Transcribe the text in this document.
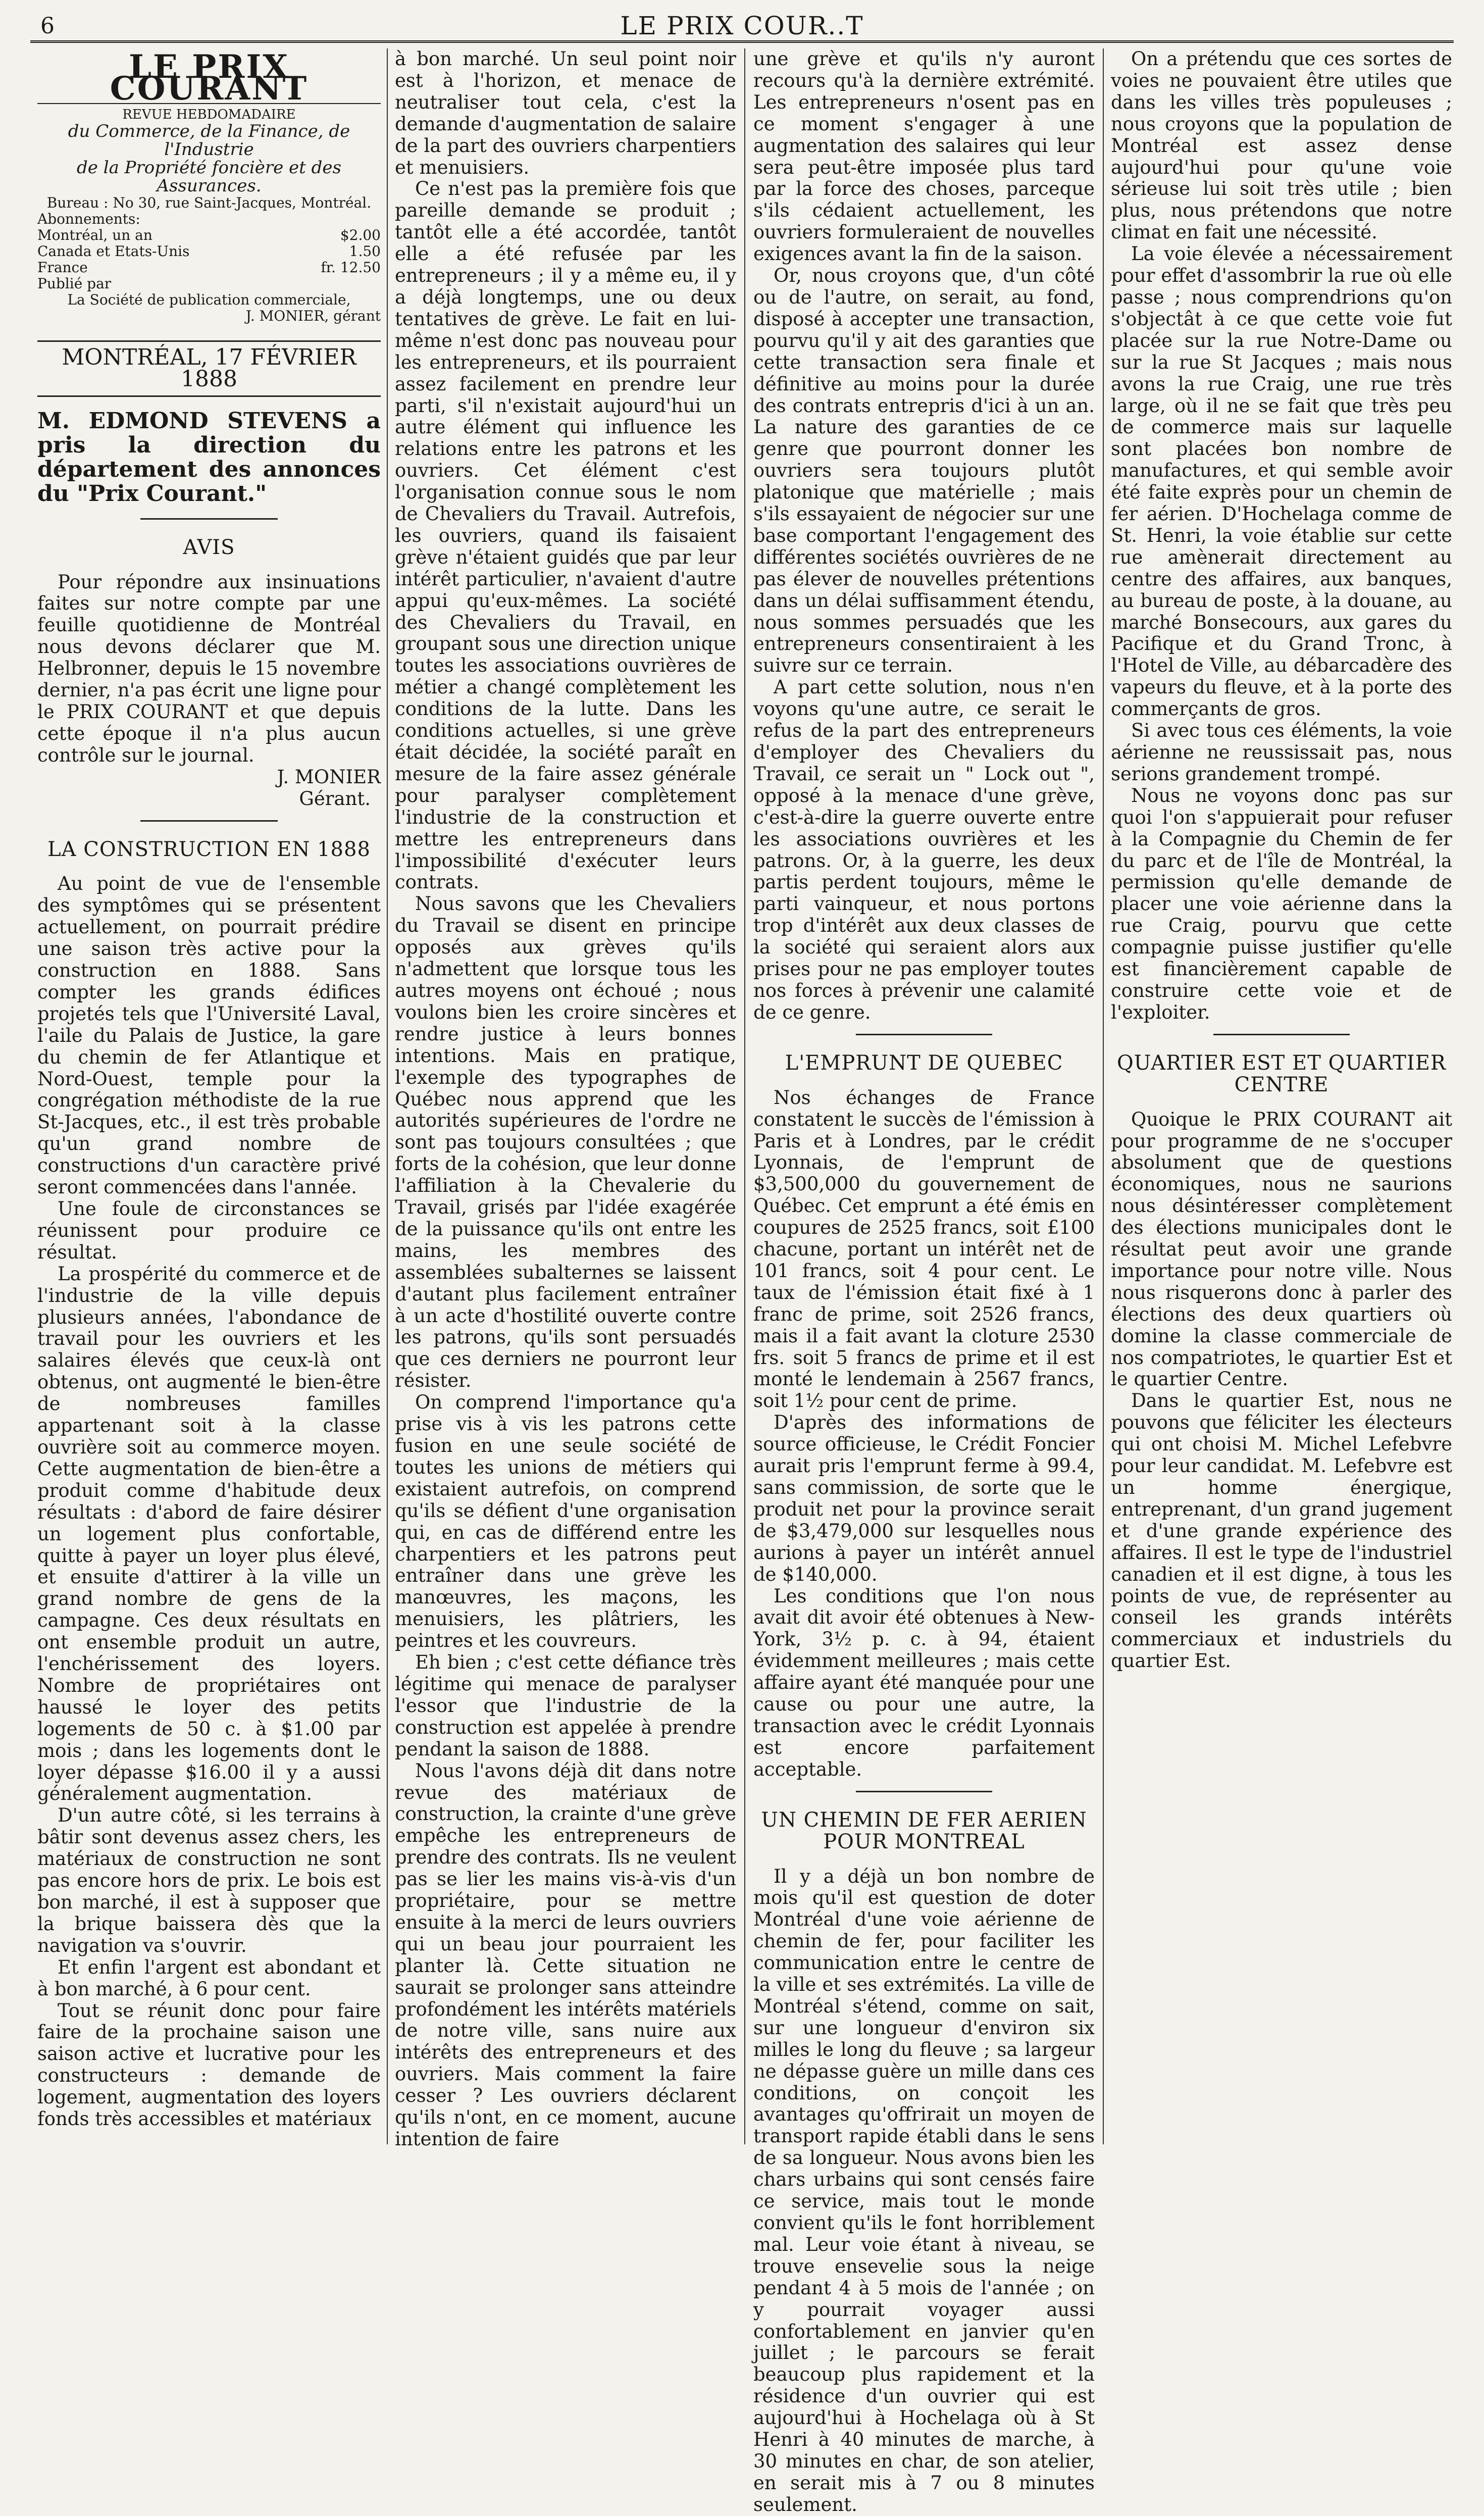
6	LE PRIX COUR..T
LE PRIX COURANT
REVUE HEBDOMADAIRE
du Commerce, de la Finance, de l'Industrie
de la Propriété foncière et des Assurances.
Bureau : No 30, rue Saint-Jacques, Montréal.
Abonnements:
Montréal, un an	$2.00
Canada et Etats-Unis	1.50
France	fr. 12.50
Publié par
La Société de publication commerciale,
J. MONIER, gérant
MONTRÉAL, 17 FÉVRIER 1888

M. EDMOND STEVENS a pris la direction du département des annonces du "Prix Courant."

AVIS

Pour répondre aux insinuations faites sur notre compte par une feuille quotidienne de Montréal nous devons déclarer que M. Helbronner, depuis le 15 novembre dernier, n'a pas écrit une ligne pour le PRIX COURANT et que depuis cette époque il n'a plus aucun contrôle sur le journal.

J. MONIER

Gérant.

LA CONSTRUCTION EN 1888

Au point de vue de l'ensemble des symptômes qui se présentent actuellement, on pourrait prédire une saison très active pour la construction en 1888. Sans compter les grands édifices projetés tels que l'Université Laval, l'aile du Palais de Justice, la gare du chemin de fer Atlantique et Nord-Ouest, temple pour la congrégation méthodiste de la rue St-Jacques, etc., il est très probable qu'un grand nombre de constructions d'un caractère privé seront commencées dans l'année.

Une foule de circonstances se réunissent pour produire ce résultat.

La prospérité du commerce et de l'industrie de la ville depuis plusieurs années, l'abondance de travail pour les ouvriers et les salaires élevés que ceux-là ont obtenus, ont augmenté le bien-être de nombreuses familles appartenant soit à la classe ouvrière soit au commerce moyen. Cette augmentation de bien-être a produit comme d'habitude deux résultats : d'abord de faire désirer un logement plus confortable, quitte à payer un loyer plus élevé, et ensuite d'attirer à la ville un grand nombre de gens de la campagne. Ces deux résultats en ont ensemble produit un autre, l'enchérissement des loyers. Nombre de propriétaires ont haussé le loyer des petits logements de 50 c. à $1.00 par mois ; dans les logements dont le loyer dépasse $16.00 il y a aussi généralement augmentation.

D'un autre côté, si les terrains à bâtir sont devenus assez chers, les matériaux de construction ne sont pas encore hors de prix. Le bois est bon marché, il est à supposer que la brique baissera dès que la navigation va s'ouvrir.

Et enfin l'argent est abondant et à bon marché, à 6 pour cent.

Tout se réunit donc pour faire faire de la prochaine saison une saison active et lucrative pour les constructeurs : demande de logement, augmentation des loyers fonds très accessibles et matériaux

à bon marché. Un seul point noir est à l'horizon, et menace de neutraliser tout cela, c'est la demande d'augmentation de salaire de la part des ouvriers charpentiers et menuisiers.

Ce n'est pas la première fois que pareille demande se produit ; tantôt elle a été accordée, tantôt elle a été refusée par les entrepreneurs ; il y a même eu, il y a déjà longtemps, une ou deux tentatives de grève. Le fait en lui-même n'est donc pas nouveau pour les entrepreneurs, et ils pourraient assez facilement en prendre leur parti, s'il n'existait aujourd'hui un autre élément qui influence les relations entre les patrons et les ouvriers. Cet élément c'est l'organisation connue sous le nom de Chevaliers du Travail. Autrefois, les ouvriers, quand ils faisaient grève n'étaient guidés que par leur intérêt particulier, n'avaient d'autre appui qu'eux-mêmes. La société des Chevaliers du Travail, en groupant sous une direction unique toutes les associations ouvrières de métier a changé complètement les conditions de la lutte. Dans les conditions actuelles, si une grève était décidée, la société paraît en mesure de la faire assez générale pour paralyser complètement l'industrie de la construction et mettre les entrepreneurs dans l'impossibilité d'exécuter leurs contrats.

Nous savons que les Chevaliers du Travail se disent en principe opposés aux grèves qu'ils n'admettent que lorsque tous les autres moyens ont échoué ; nous voulons bien les croire sincères et rendre justice à leurs bonnes intentions. Mais en pratique, l'exemple des typographes de Québec nous apprend que les autorités supérieures de l'ordre ne sont pas toujours consultées ; que forts de la cohésion, que leur donne l'affiliation à la Chevalerie du Travail, grisés par l'idée exagérée de la puissance qu'ils ont entre les mains, les membres des assemblées subalternes se laissent d'autant plus facilement entraîner à un acte d'hostilité ouverte contre les patrons, qu'ils sont persuadés que ces derniers ne pourront leur résister.

On comprend l'importance qu'a prise vis à vis les patrons cette fusion en une seule société de toutes les unions de métiers qui existaient autrefois, on comprend qu'ils se défient d'une organisation qui, en cas de différend entre les charpentiers et les patrons peut entraîner dans une grève les manœuvres, les maçons, les menuisiers, les plâtriers, les peintres et les couvreurs.

Eh bien ; c'est cette défiance très légitime qui menace de paralyser l'essor que l'industrie de la construction est appelée à prendre pendant la saison de 1888.

Nous l'avons déjà dit dans notre revue des matériaux de construction, la crainte d'une grève empêche les entrepreneurs de prendre des contrats. Ils ne veulent pas se lier les mains vis-à-vis d'un propriétaire, pour se mettre ensuite à la merci de leurs ouvriers qui un beau jour pourraient les planter là. Cette situation ne saurait se prolonger sans atteindre profondément les intérêts matériels de notre ville, sans nuire aux intérêts des entrepreneurs et des ouvriers. Mais comment la faire cesser ? Les ouvriers déclarent qu'ils n'ont, en ce moment, aucune intention de faire

une grève et qu'ils n'y auront recours qu'à la dernière extrémité. Les entrepreneurs n'osent pas en ce moment s'engager à une augmentation des salaires qui leur sera peut-être imposée plus tard par la force des choses, parceque s'ils cédaient actuellement, les ouvriers formuleraient de nouvelles exigences avant la fin de la saison.

Or, nous croyons que, d'un côté ou de l'autre, on serait, au fond, disposé à accepter une transaction, pourvu qu'il y ait des garanties que cette transaction sera finale et définitive au moins pour la durée des contrats entrepris d'ici à un an. La nature des garanties de ce genre que pourront donner les ouvriers sera toujours plutôt platonique que matérielle ; mais s'ils essayaient de négocier sur une base comportant l'engagement des différentes sociétés ouvrières de ne pas élever de nouvelles prétentions dans un délai suffisamment étendu, nous sommes persuadés que les entrepreneurs consentiraient à les suivre sur ce terrain.

A part cette solution, nous n'en voyons qu'une autre, ce serait le refus de la part des entrepreneurs d'employer des Chevaliers du Travail, ce serait un " Lock out ", opposé à la menace d'une grève, c'est-à-dire la guerre ouverte entre les associations ouvrières et les patrons. Or, à la guerre, les deux partis perdent toujours, même le parti vainqueur, et nous portons trop d'intérêt aux deux classes de la société qui seraient alors aux prises pour ne pas employer toutes nos forces à prévenir une calamité de ce genre.

L'EMPRUNT DE QUEBEC

Nos échanges de France constatent le succès de l'émission à Paris et à Londres, par le crédit Lyonnais, de l'emprunt de $3,500,000 du gouvernement de Québec. Cet emprunt a été émis en coupures de 2525 francs, soit £100 chacune, portant un intérêt net de 101 francs, soit 4 pour cent. Le taux de l'émission était fixé à 1 franc de prime, soit 2526 francs, mais il a fait avant la cloture 2530 frs. soit 5 francs de prime et il est monté le lendemain à 2567 francs, soit 1½ pour cent de prime.

D'après des informations de source officieuse, le Crédit Foncier aurait pris l'emprunt ferme à 99.4, sans commission, de sorte que le produit net pour la province serait de $3,479,000 sur lesquelles nous aurions à payer un intérêt annuel de $140,000.

Les conditions que l'on nous avait dit avoir été obtenues à New-York, 3½ p. c. à 94, étaient évidemment meilleures ; mais cette affaire ayant été manquée pour une cause ou pour une autre, la transaction avec le crédit Lyonnais est encore parfaitement acceptable.

UN CHEMIN DE FER AERIEN
POUR MONTREAL

Il y a déjà un bon nombre de mois qu'il est question de doter Montréal d'une voie aérienne de chemin de fer, pour faciliter les communication entre le centre de la ville et ses extrémités. La ville de Montréal s'étend, comme on sait, sur une longueur d'environ six milles le long du fleuve ; sa largeur ne dépasse guère un mille dans ces conditions, on conçoit les avantages qu'offrirait un moyen de transport rapide établi dans le sens de sa longueur. Nous avons bien les chars urbains qui sont censés faire ce service, mais tout le monde convient qu'ils le font horriblement mal. Leur voie étant à niveau, se trouve ensevelie sous la neige pendant 4 à 5 mois de l'année ; on y pourrait voyager aussi confortablement en janvier qu'en juillet ; le parcours se ferait beaucoup plus rapidement et la résidence d'un ouvrier qui est aujourd'hui à Hochelaga où à St Henri à 40 minutes de marche, à 30 minutes en char, de son atelier, en serait mis à 7 ou 8 minutes seulement.

On a prétendu que ces sortes de voies ne pouvaient être utiles que dans les villes très populeuses ; nous croyons que la population de Montréal est assez dense aujourd'hui pour qu'une voie sérieuse lui soit très utile ; bien plus, nous prétendons que notre climat en fait une nécessité.

La voie élevée a nécessairement pour effet d'assombrir la rue où elle passe ; nous comprendrions qu'on s'objectât à ce que cette voie fut placée sur la rue Notre-Dame ou sur la rue St Jacques ; mais nous avons la rue Craig, une rue très large, où il ne se fait que très peu de commerce mais sur laquelle sont placées bon nombre de manufactures, et qui semble avoir été faite exprès pour un chemin de fer aérien. D'Hochelaga comme de St. Henri, la voie établie sur cette rue amènerait directement au centre des affaires, aux banques, au bureau de poste, à la douane, au marché Bonsecours, aux gares du Pacifique et du Grand Tronc, à l'Hotel de Ville, au débarcadère des vapeurs du fleuve, et à la porte des commerçants de gros.

Si avec tous ces éléments, la voie aérienne ne reussissait pas, nous serions grandement trompé.

Nous ne voyons donc pas sur quoi l'on s'appuierait pour refuser à la Compagnie du Chemin de fer du parc et de l'île de Montréal, la permission qu'elle demande de placer une voie aérienne dans la rue Craig, pourvu que cette compagnie puisse justifier qu'elle est financièrement capable de construire cette voie et de l'exploiter.

QUARTIER EST ET QUARTIER
CENTRE

Quoique le PRIX COURANT ait pour programme de ne s'occuper absolument que de questions économiques, nous ne saurions nous désintéresser complètement des élections municipales dont le résultat peut avoir une grande importance pour notre ville. Nous nous risquerons donc à parler des élections des deux quartiers où domine la classe commerciale de nos compatriotes, le quartier Est et le quartier Centre.

Dans le quartier Est, nous ne pouvons que féliciter les électeurs qui ont choisi M. Michel Lefebvre pour leur candidat. M. Lefebvre est un homme énergique, entreprenant, d'un grand jugement et d'une grande expérience des affaires. Il est le type de l'industriel canadien et il est digne, à tous les points de vue, de représenter au conseil les grands intérêts commerciaux et industriels du quartier Est.
